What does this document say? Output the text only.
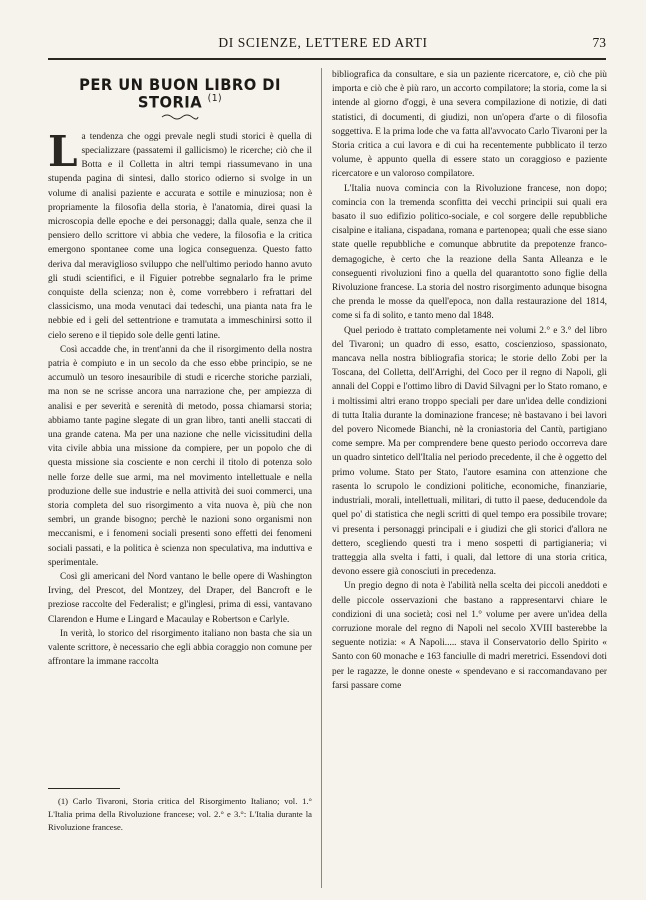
DI SCIENZE, LETTERE ED ARTI	73
PER UN BUON LIBRO DI STORIA $^{(1)}$

La tendenza che oggi prevale negli studi storici è quella di specializzare (passatemi il gallicismo) le ricerche; ciò che il Botta e il Colletta in altri tempi riassumevano in una stupenda pagina di sintesi, dallo storico odierno si svolge in un volume di analisi paziente e accurata e sottile e minuziosa; non è propriamente la filosofia della storia, è l'anatomia, direi quasi la microscopia delle epoche e dei personaggi; dalla quale, senza che il pensiero dello scrittore vi abbia che vedere, la filosofia e la critica emergono spontanee come una logica conseguenza. Questo fatto deriva dal meraviglioso sviluppo che nell'ultimo periodo hanno avuto gli studi scientifici, e il Figuier potrebbe segnalarlo fra le prime conquiste della scienza; non è, come vorrebbero i refrattari del classicismo, una moda venutaci dai tedeschi, una pianta nata fra le nebbie ed i geli del settentrione e tramutata a immeschinirsi sotto il cielo sereno e il tiepido sole delle genti latine.

Così accadde che, in trent'anni da che il risorgimento della nostra patria è compiuto e in un secolo da che esso ebbe principio, se ne accumulò un tesoro inesauribile di studi e ricerche storiche parziali, ma non se ne scrisse ancora una narrazione che, per ampiezza di analisi e per severità e serenità di metodo, possa chiamarsi storia; abbiamo tante pagine slegate di un gran libro, tanti anelli staccati di una grande catena. Ma per una nazione che nelle vicissitudini della vita civile abbia una missione da compiere, per un popolo che di questa missione sia cosciente e non cerchi il titolo di potenza solo nelle forze delle sue armi, ma nel movimento intellettuale e nella produzione delle sue industrie e nella attività dei suoi commerci, una storia completa del suo risorgimento a vita nuova è, più che non sembri, un grande bisogno; perchè le nazioni sono organismi non meccanismi, e i fenomeni sociali presenti sono effetti dei fenomeni sociali passati, e la politica è scienza non speculativa, ma induttiva e sperimentale.

Così gli americani del Nord vantano le belle opere di Washington Irving, del Prescot, del Montzey, del Draper, del Bancroft e le preziose raccolte del Federalist; e gl'inglesi, prima di essi, vantavano Clarendon e Hume e Lingard e Macaulay e Robertson e Carlyle.

In verità, lo storico del risorgimento italiano non basta che sia un valente scrittore, è necessario che egli abbia coraggio non comune per affrontare la immane raccolta

(1) Carlo Tivaroni, Storia critica del Risorgimento Italiano; vol. 1.° L'Italia prima della Rivoluzione francese; vol. 2.° e 3.°: L'Italia durante la Rivoluzione francese.

bibliografica da consultare, e sia un paziente ricercatore, e, ciò che più importa e ciò che è più raro, un accorto compilatore; la storia, come la si intende al giorno d'oggi, è una severa compilazione di notizie, di dati statistici, di documenti, di giudizi, non un'opera d'arte o di filosofia soggettiva. E la prima lode che va fatta all'avvocato Carlo Tivaroni per la Storia critica a cui lavora e di cui ha recentemente pubblicato il terzo volume, è appunto quella di essere stato un coraggioso e paziente ricercatore e un valoroso compilatore.

L'Italia nuova comincia con la Rivoluzione francese, non dopo; comincia con la tremenda sconfitta dei vecchi principii sui quali era basato il suo edifizio politico-sociale, e col sorgere delle repubbliche cisalpine e italiana, cispadana, romana e partenopea; quali che esse siano state quelle repubbliche e comunque abbrutite da prepotenze franco-demagogiche, è certo che la reazione della Santa Alleanza e le conseguenti rivoluzioni fino a quella del quarantotto sono figlie della Rivoluzione francese. La storia del nostro risorgimento adunque bisogna che prenda le mosse da quell'epoca, non dalla restaurazione del 1814, come si fa di solito, e tanto meno dal 1848.

Quel periodo è trattato completamente nei volumi 2.° e 3.° del libro del Tivaroni; un quadro di esso, esatto, coscienzioso, spassionato, mancava nella nostra bibliografia storica; le storie dello Zobi per la Toscana, del Colletta, dell'Arrighi, del Coco per il regno di Napoli, gli annali del Coppi e l'ottimo libro di David Silvagni per lo Stato romano, e i moltissimi altri erano troppo speciali per dare un'idea delle condizioni di tutta Italia durante la dominazione francese; nè bastavano i bei lavori del povero Nicomede Bianchi, nè la croniastoria del Cantù, partigiano come sempre. Ma per comprendere bene questo periodo occorreva dare un quadro sintetico dell'Italia nel periodo precedente, il che è oggetto del primo volume. Stato per Stato, l'autore esamina con attenzione che rasenta lo scrupolo le condizioni politiche, economiche, finanziarie, industriali, morali, intellettuali, militari, di tutto il paese, deducendole da quel po' di statistica che negli scritti di quel tempo era possibile trovare; vi presenta i personaggi principali e i giudizi che gli storici d'allora ne dettero, scegliendo questi tra i meno sospetti di partigianeria; vi tratteggia alla svelta i fatti, i quali, dal lettore di una storia critica, devono essere già conosciuti in precedenza.

Un pregio degno di nota è l'abilità nella scelta dei piccoli aneddoti e delle piccole osservazioni che bastano a rappresentarvi chiare le condizioni di una società; così nel 1.° volume per avere un'idea della corruzione morale del regno di Napoli nel secolo XVIII basterebbe la seguente notizia: « A Napoli..... stava il Conservatorio dello Spirito « Santo con 60 monache e 163 fanciulle di madri meretrici. Essendovi doti per le ragazze, le donne oneste « spendevano e si raccomandavano per farsi passare come
